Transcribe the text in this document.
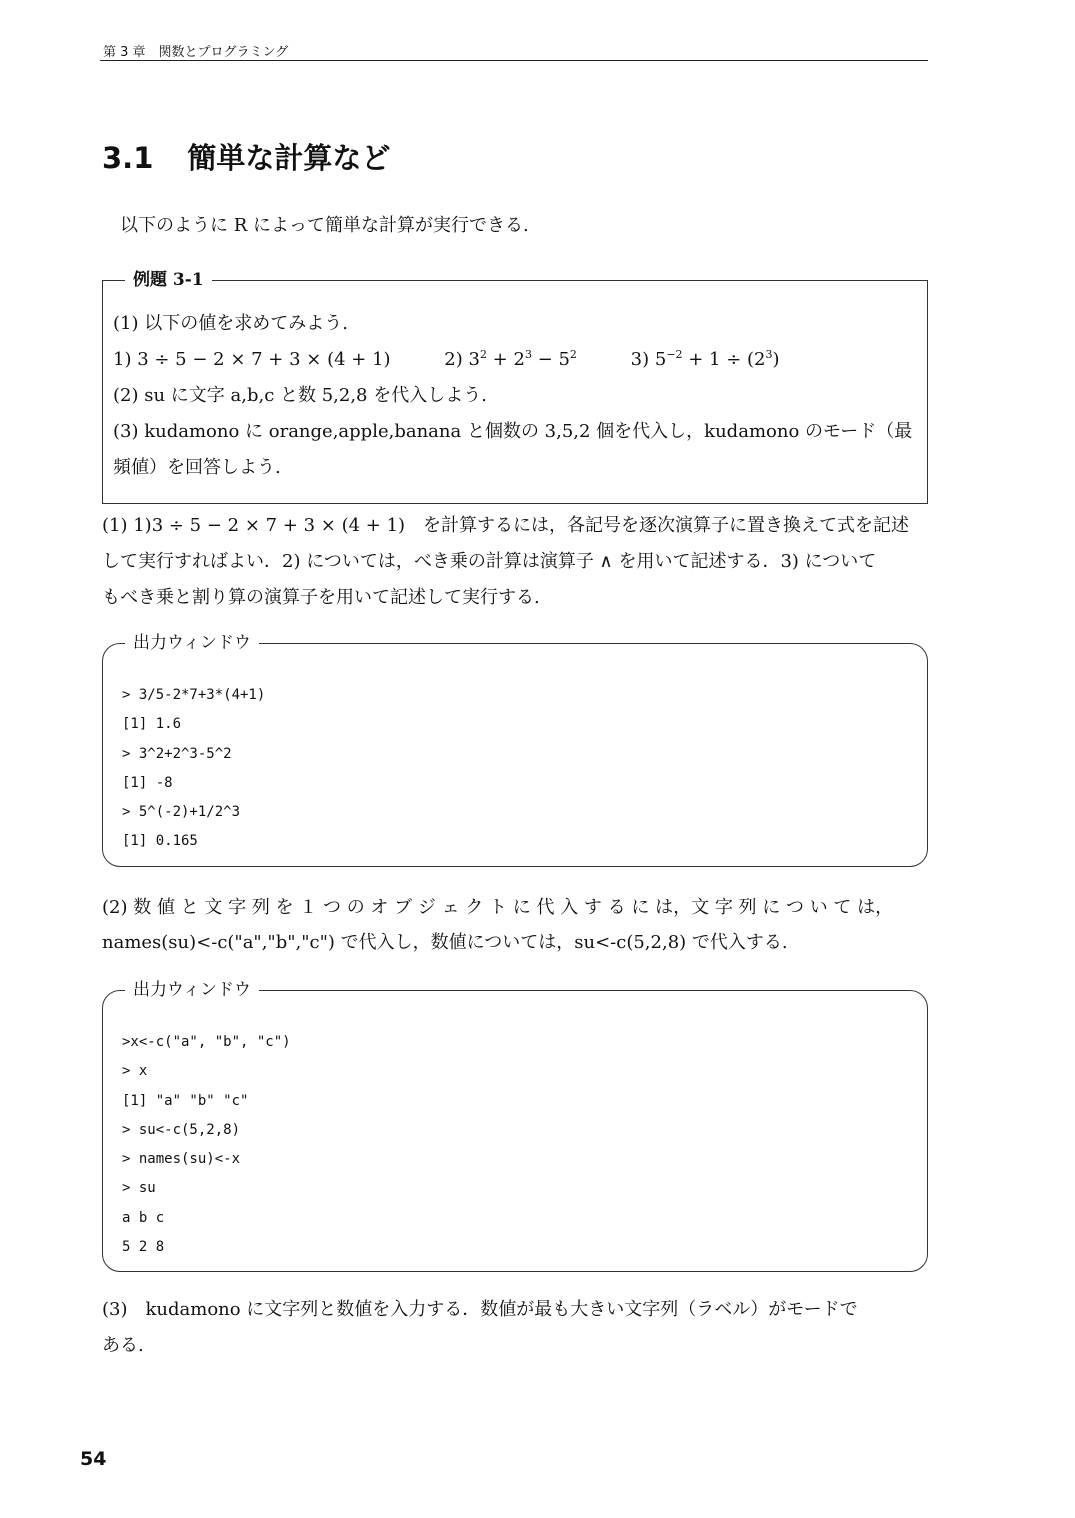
第 3 章　関数とプログラミング
3.1 簡単な計算など
以下のように R によって簡単な計算が実行できる.
例題 3-1
(1) 以下の値を求めてみよう.
1) 3 ÷ 5 − 2 × 7 + 3 × (4 + 1)	2) $3^2 + 2^3 - 5^2$	3) $5^{-2} + 1 \div (2^3)$
(2) su に文字 a,b,c と数 5,2,8 を代入しよう.
(3) kudamono に orange,apple,banana と個数の 3,5,2 個を代入し，kudamono のモード（最
頻値）を回答しよう.
(1) 1)3 ÷ 5 − 2 × 7 + 3 × (4 + 1)　を計算するには，各記号を逐次演算子に置き換えて式を記述
して実行すればよい．2) については，べき乗の計算は演算子 ∧ を用いて記述する．3) について
もべき乗と割り算の演算子を用いて記述して実行する.
出力ウィンドウ
> 3/5-2*7+3*(4+1)
[1] 1.6
> 3^2+2^3-5^2
[1] -8
> 5^(-2)+1/2^3
[1] 0.165
(2) 数 値 と 文 字 列 を １ つ の オ ブ ジ ェ ク ト に 代 入 す る に は，文 字 列 に つ い て は，
names(su)<-c("a","b","c") で代入し，数値については，su<-c(5,2,8) で代入する.
出力ウィンドウ
>x<-c("a", "b", "c")
> x
[1] "a" "b" "c"
> su<-c(5,2,8)
> names(su)<-x
> su
a b c
5 2 8
(3)　kudamono に文字列と数値を入力する．数値が最も大きい文字列（ラベル）がモードで
ある.
54
